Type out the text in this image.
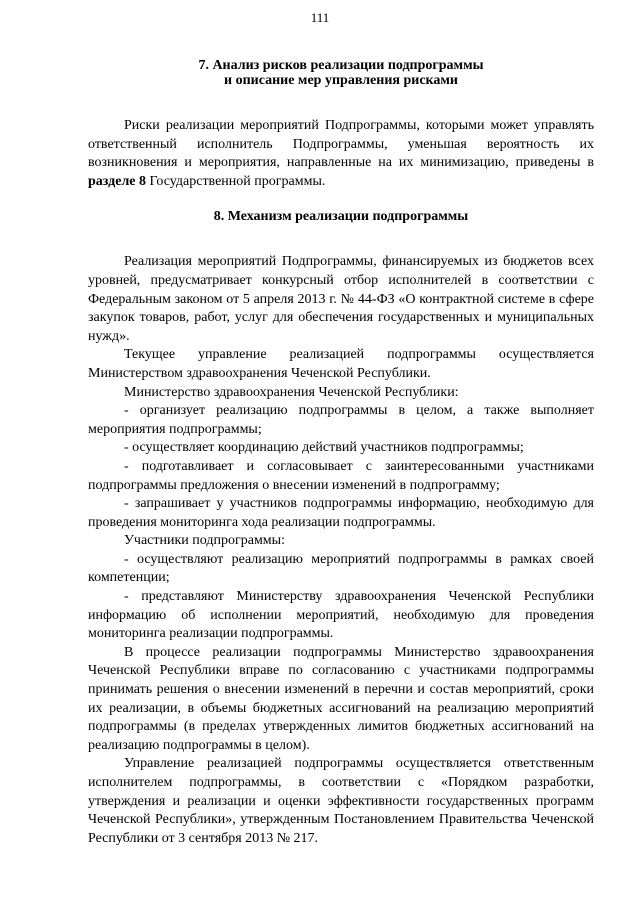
111
7. Анализ рисков реализации подпрограммы
и описание мер управления рисками

Риски реализации мероприятий Подпрограммы, которыми может управлять ответственный исполнитель Подпрограммы, уменьшая вероятность их возникновения и мероприятия, направленные на их минимизацию, приведены в разделе 8 Государственной программы.

8. Механизм реализации подпрограммы

Реализация мероприятий Подпрограммы, финансируемых из бюджетов всех уровней, предусматривает конкурсный отбор исполнителей в соответствии с Федеральным законом от 5 апреля 2013 г. № 44-ФЗ «О контрактной системе в сфере закупок товаров, работ, услуг для обеспечения государственных и муниципальных нужд».

Текущее управление реализацией подпрограммы осуществляется Министерством здравоохранения Чеченской Республики.

Министерство здравоохранения Чеченской Республики:

- организует реализацию подпрограммы в целом, а также выполняет мероприятия подпрограммы;

- осуществляет координацию действий участников подпрограммы;

- подготавливает и согласовывает с заинтересованными участниками подпрограммы предложения о внесении изменений в подпрограмму;

- запрашивает у участников подпрограммы информацию, необходимую для проведения мониторинга хода реализации подпрограммы.

Участники подпрограммы:

- осуществляют реализацию мероприятий подпрограммы в рамках своей компетенции;

- представляют Министерству здравоохранения Чеченской Республики информацию об исполнении мероприятий, необходимую для проведения мониторинга реализации подпрограммы.

В процессе реализации подпрограммы Министерство здравоохранения Чеченской Республики вправе по согласованию с участниками подпрограммы принимать решения о внесении изменений в перечни и состав мероприятий, сроки их реализации, в объемы бюджетных ассигнований на реализацию мероприятий подпрограммы (в пределах утвержденных лимитов бюджетных ассигнований на реализацию подпрограммы в целом).

Управление реализацией подпрограммы осуществляется ответственным исполнителем подпрограммы, в соответствии с «Порядком разработки, утверждения и реализации и оценки эффективности государственных программ Чеченской Республики», утвержденным Постановлением Правительства Чеченской Республики от 3 сентября 2013 № 217.
